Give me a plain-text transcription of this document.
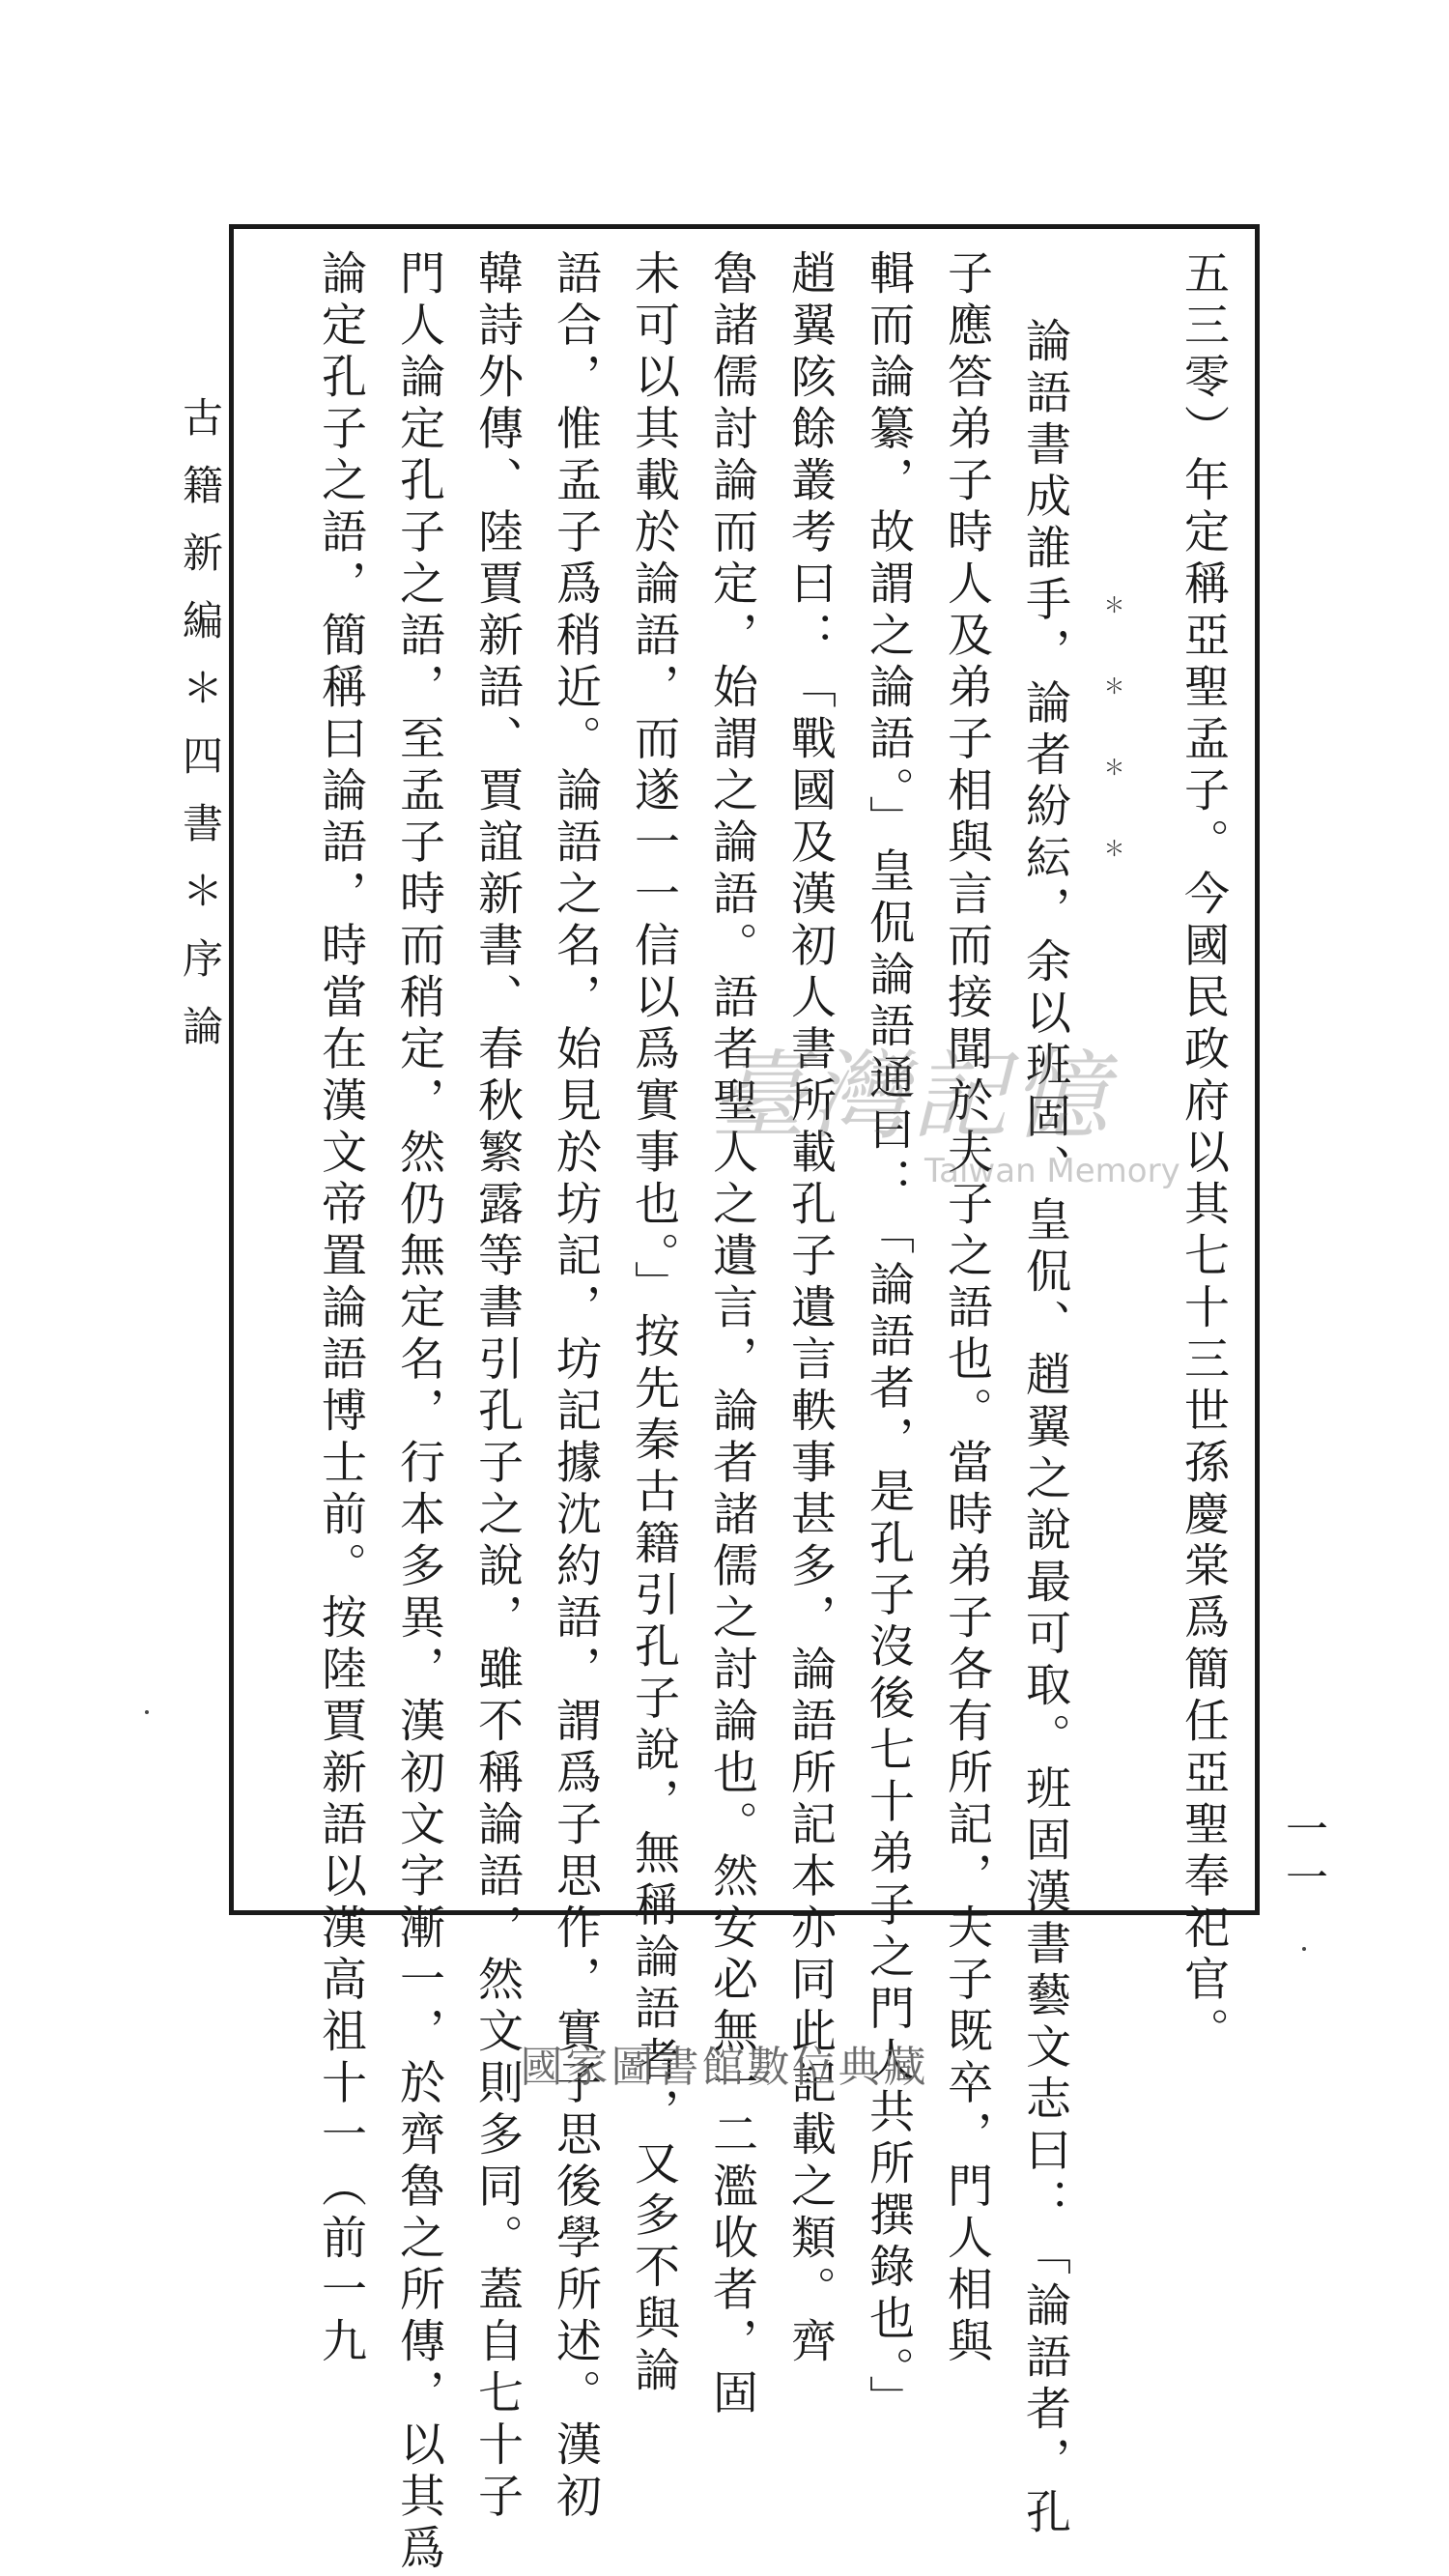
古籍新編＊四書＊序論	五三零）年定稱亞聖孟子。今國民政府以其七十三世孫慶棠爲簡任亞聖奉祀官。
＊＊＊＊
論語書成誰手，論者紛紜，余以班固、皇侃、趙翼之說最可取。班固漢書藝文志曰：「論語者，孔
子應答弟子時人及弟子相與言而接聞於夫子之語也。當時弟子各有所記，夫子既卒，門人相與
輯而論纂，故謂之論語。」皇侃論語通曰：「論語者，是孔子沒後七十弟子之門人共所撰錄也。」
趙翼陔餘叢考曰：「戰國及漢初人書所載孔子遺言軼事甚多，論語所記本亦同此記載之類。齊
魯諸儒討論而定，始謂之論語。語者聖人之遺言，論者諸儒之討論也。然安必無一二濫收者，固
未可以其載於論語，而遂一一信以爲實事也。」按先秦古籍引孔子說，無稱論語者，又多不與論
語合，惟孟子爲稍近。論語之名，始見於坊記，坊記據沈約語，謂爲子思作，實子思後學所述。漢初
韓詩外傳、陸賈新語、賈誼新書、春秋繁露等書引孔子之說，雖不稱論語，然文則多同。蓋自七十子
門人論定孔子之語，至孟子時而稍定，然仍無定名，行本多異，漢初文字漸一，於齊魯之所傳，以其爲
論定孔子之語，簡稱曰論語，時當在漢文帝置論語博士前。按陸賈新語以漢高祖十一（前一九	臺灣記憶
Taiwan Memory
一一
國家圖書館數位典藏
